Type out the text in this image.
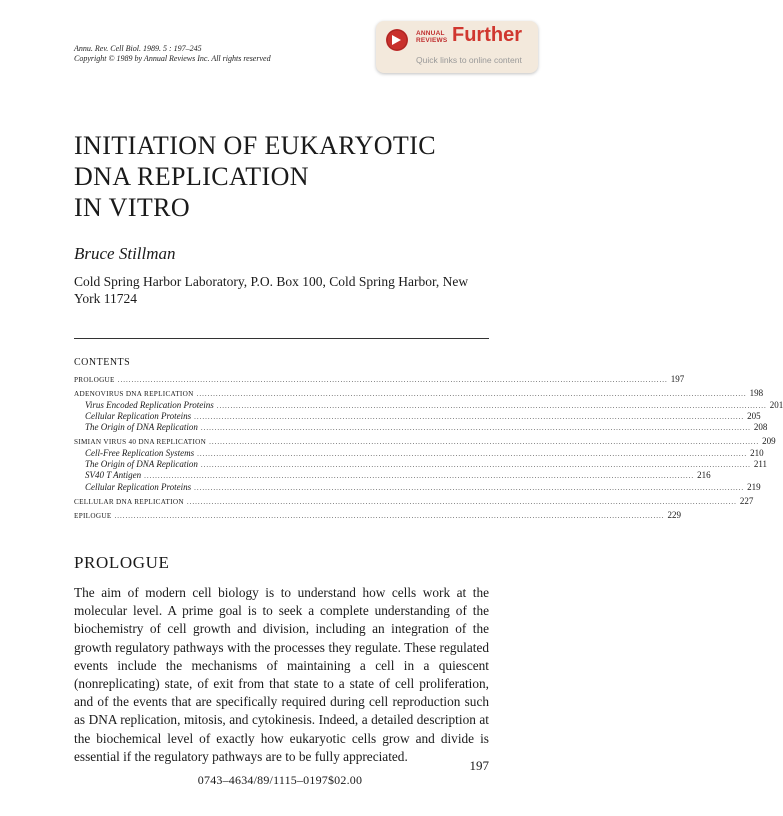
Annu. Rev. Cell Biol. 1989. 5 : 197–245
Copyright © 1989 by Annual Reviews Inc. All rights reserved
ANNUAL
REVIEWS Further
Quick links to online content
INITIATION OF EUKARYOTIC
DNA REPLICATION
IN VITRO
Bruce Stillman
Cold Spring Harbor Laboratory, P.O. Box 100, Cold Spring Harbor, New York 11724
CONTENTS
PROLOGUE ........................................................................................................................................................................................................ 197
ADENOVIRUS DNA REPLICATION ........................................................................................................................................................................................................ 198
Virus Encoded Replication Proteins ........................................................................................................................................................................................................ 201
Cellular Replication Proteins ........................................................................................................................................................................................................ 205
The Origin of DNA Replication ........................................................................................................................................................................................................ 208
SIMIAN VIRUS 40 DNA REPLICATION ........................................................................................................................................................................................................ 209
Cell-Free Replication Systems ........................................................................................................................................................................................................ 210
The Origin of DNA Replication ........................................................................................................................................................................................................ 211
SV40 T Antigen ........................................................................................................................................................................................................ 216
Cellular Replication Proteins ........................................................................................................................................................................................................ 219
CELLULAR DNA REPLICATION ........................................................................................................................................................................................................ 227
EPILOGUE ........................................................................................................................................................................................................ 229
PROLOGUE
The aim of modern cell biology is to understand how cells work at the molecular level. A prime goal is to seek a complete understanding of the biochemistry of cell growth and division, including an integration of the growth regulatory pathways with the processes they regulate. These regulated events include the mechanisms of maintaining a cell in a quiescent (nonreplicating) state, of exit from that state to a state of cell proliferation, and of the events that are specifically required during cell reproduction such as DNA replication, mitosis, and cytokinesis. Indeed, a detailed description at the biochemical level of exactly how eukaryotic cells grow and divide is essential if the regulatory pathways are to be fully appreciated.
197
0743–4634/89/1115–0197$02.00
